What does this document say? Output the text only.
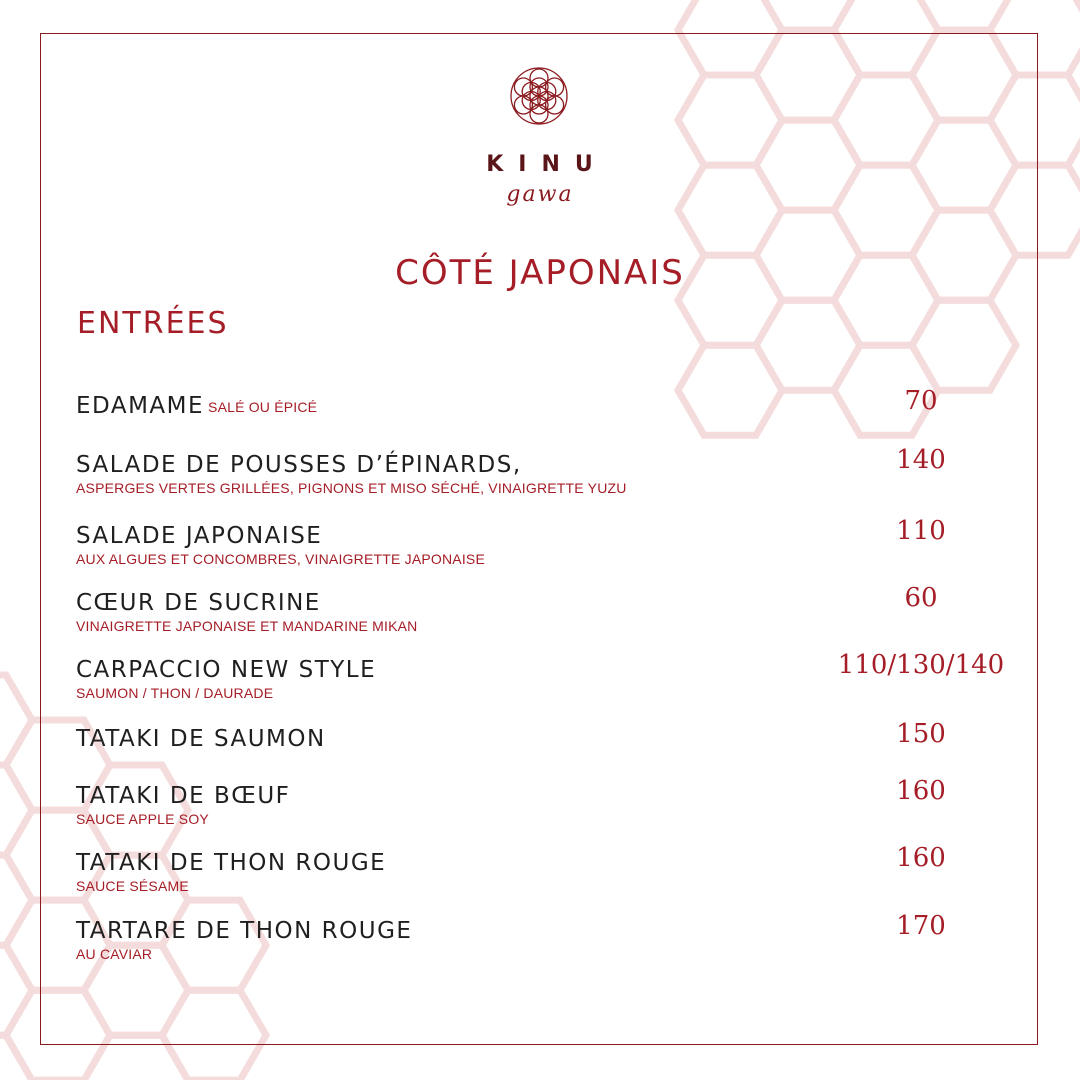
KINU
gawa
CÔTÉ JAPONAIS
ENTRÉES
EDAMAME SALÉ OU ÉPICÉ	70
SALADE DE POUSSES D’ÉPINARDS,
ASPERGES VERTES GRILLÉES, PIGNONS ET MISO SÉCHÉ, VINAIGRETTE YUZU
140
SALADE JAPONAISE
AUX ALGUES ET CONCOMBRES, VINAIGRETTE JAPONAISE
110
CŒUR DE SUCRINE
VINAIGRETTE JAPONAISE ET MANDARINE MIKAN
60
CARPACCIO NEW STYLE
SAUMON / THON / DAURADE
110/130/140
TATAKI DE SAUMON	150
TATAKI DE BŒUF
SAUCE APPLE SOY
160
TATAKI DE THON ROUGE
SAUCE SÉSAME
160
TARTARE DE THON ROUGE
AU CAVIAR
170
